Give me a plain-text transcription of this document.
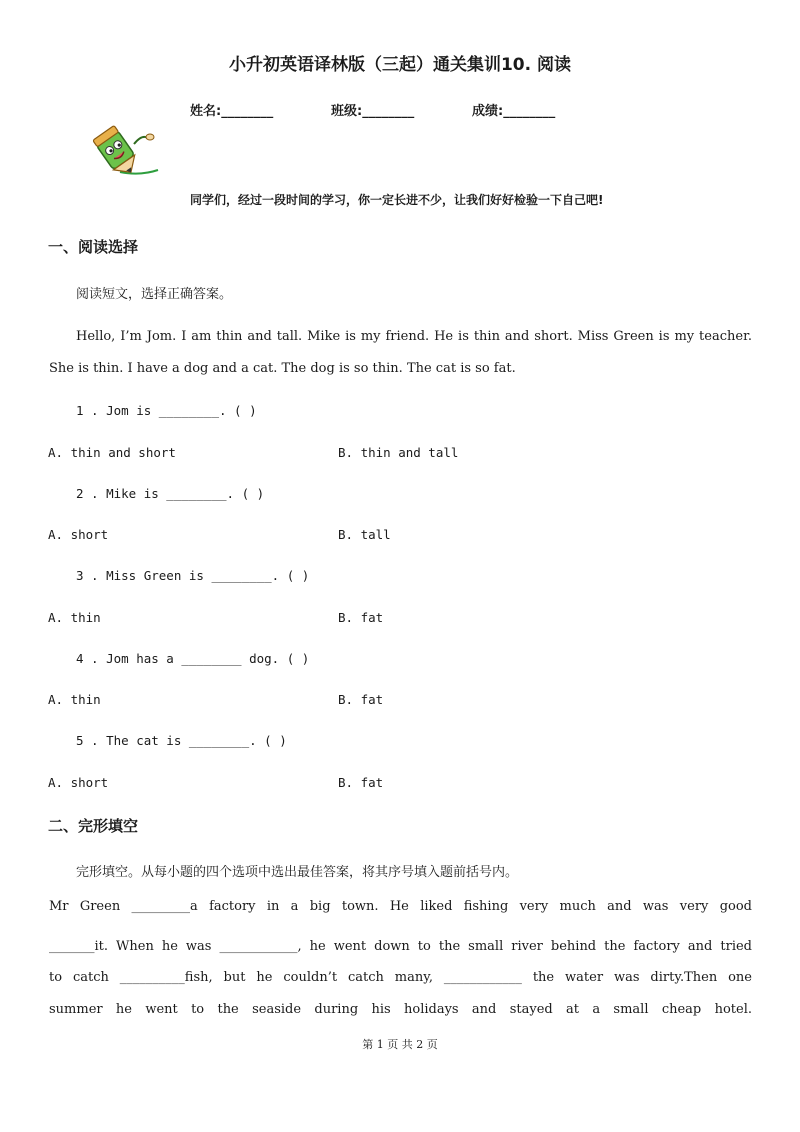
小升初英语译林版（三起）通关集训10. 阅读
姓名:________	班级:________	成绩:________
同学们，经过一段时间的学习，你一定长进不少，让我们好好检验一下自己吧!
一、阅读选择
阅读短文，选择正确答案。
Hello, I’m Jom. I am thin and tall. Mike is my friend. He is thin and short. Miss Green is my teacher. She is thin. I have a dog and a cat. The dog is so thin. The cat is so fat.
1 . Jom is ________. ( )
A. thin and short	B. thin and tall
2 . Mike is ________. ( )
A. short	B. tall
3 . Miss Green is ________. ( )
A. thin	B. fat
4 . Jom has a ________ dog. ( )
A. thin	B. fat
5 . The cat is ________. ( )
A. short	B. fat
二、完形填空
完形填空。从每小题的四个选项中选出最佳答案，将其序号填入题前括号内。
Mr Green _________a factory in a big town. He liked fishing very much and was very good
_______it. When he was ____________, he went down to the small river behind the factory and tried
to catch __________fish, but he couldn’t catch many, ____________ the water was dirty.Then one
summer he went to the seaside during his holidays and stayed at a small cheap hotel.
第 1 页 共 2 页
